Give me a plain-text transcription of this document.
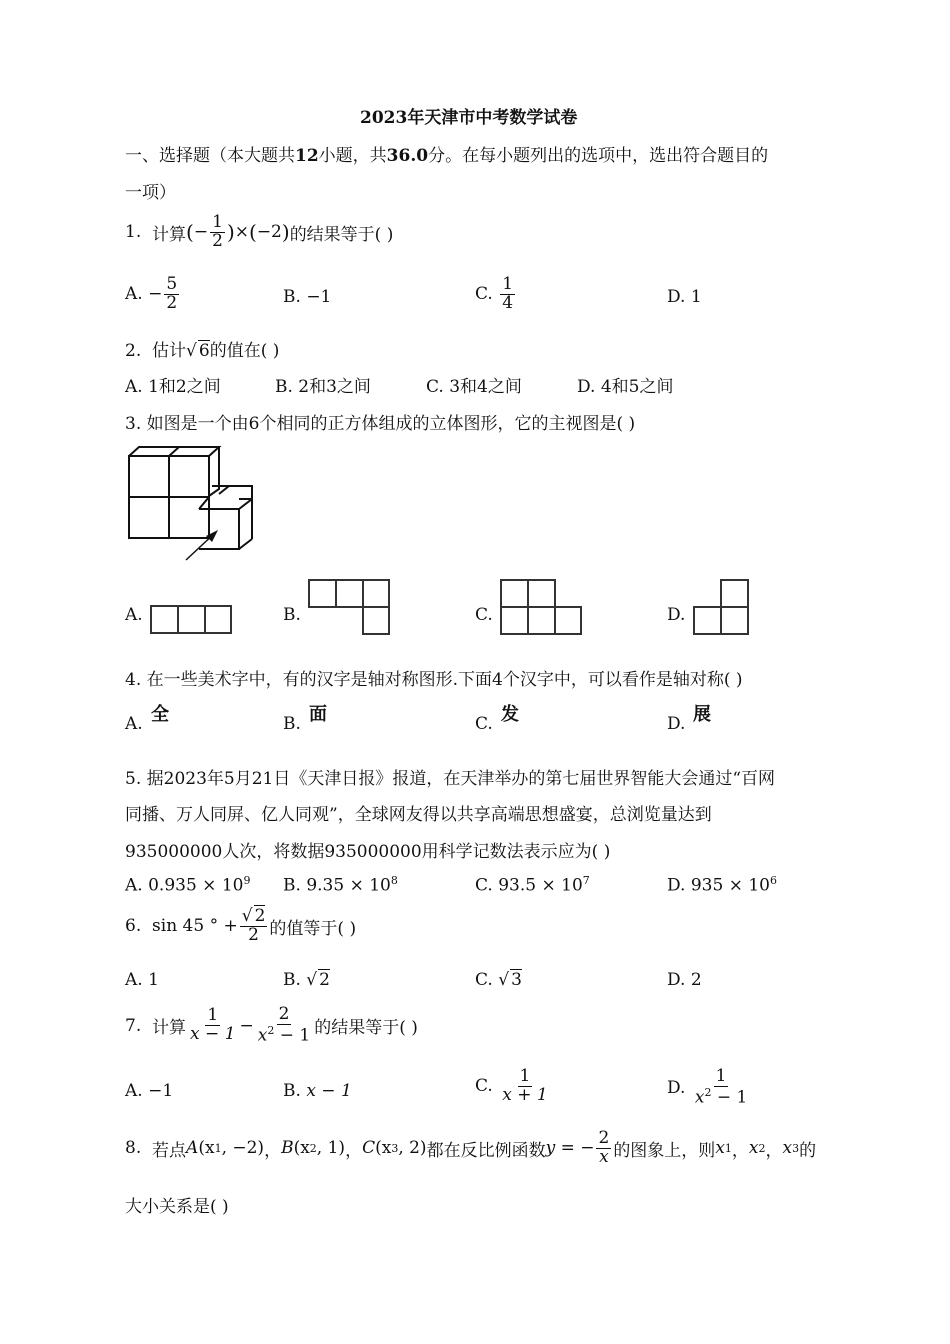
2023年天津市中考数学试卷
一、选择题（本大题共12小题，共36.0分。在每小题列出的选项中，选出符合题目的
一项）
1.
计算 ( − $\frac{1}{2}$ ) × ( −2 ) 的结果等于( )
A.
− $\frac{5}{2}$	B. −1	C.
$\frac{1}{4}$	D. 1
2. 估计√ 6的值在( )
A. 1和2之间	B. 2和3之间	C. 3和4之间	D. 4和5之间
3. 如图是一个由6个相同的正方体组成的立体图形，它的主视图是( )
A.	B.	C.	D.
4. 在一些美术字中，有的汉字是轴对称图形.下面4个汉字中，可以看作是轴对称( )
A. 全	B. 面	C. 发	D. 展
5. 据2023年5月21日《天津日报》报道，在天津举办的第七届世界智能大会通过“百网
同播、万人同屏、亿人同观”，全球网友得以共享高端思想盛宴，总浏览量达到
935000000人次，将数据935000000用科学记数法表示应为( )
A. $0.935 \times 10^9$ B. $9.35 \times 10^8$	C. $93.5 \times 10^7$	D. $935 \times 10^6$
6.
sin 45 ° + $\frac{√ 2}{2}$ 的值等于( )
A. 1	B. √ 2	C. √ 3	D. 2
7.
计算 $\frac{1}{x - 1} - \frac{2}{x^2 - 1}$ 的结果等于( )
A. −1	B. x − 1	C.
$\frac{1}{x + 1}$	D.
$\frac{1}{x^2 - 1}$
8.
若点 A (x 1 , −2) ， B (x 2 , 1) ， C (x 3 , 2) 都在反比例函数 y = − $\frac{2}{x}$ 的图象上，则 x 1 ， x 2 ， x 3 的
大小关系是( )
